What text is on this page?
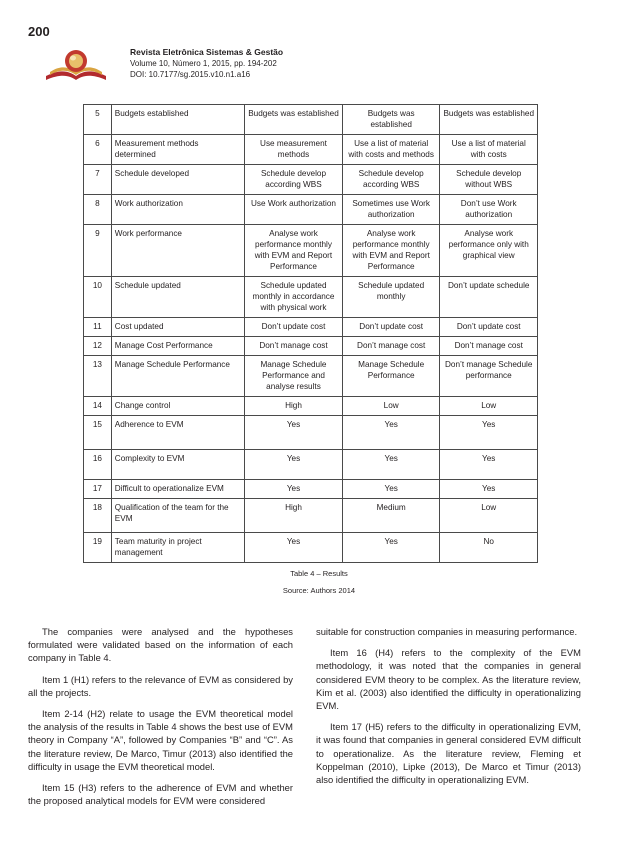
200
Revista Eletrônica Sistemas & Gestão
Volume 10, Número 1, 2015, pp. 194-202
DOI: 10.7177/sg.2015.v10.n1.a16
5	Budgets established	Budgets was established	Budgets was established	Budgets was established
6	Measurement methods determined	Use measurement methods	Use a list of material with costs and methods	Use a list of material with costs
7	Schedule developed	Schedule develop according WBS	Schedule develop according WBS	Schedule develop without WBS
8	Work authorization	Use Work authorization	Sometimes use Work authorization	Don’t use Work authorization
9	Work performance	Analyse work performance monthly with EVM and Report Performance	Analyse work performance monthly with EVM and Report Performance	Analyse work performance only with graphical view
10	Schedule updated	Schedule updated monthly in accordance with physical work	Schedule updated monthly	Don’t update schedule
11	Cost updated	Don’t update cost	Don’t update cost	Don’t update cost
12	Manage Cost Performance	Don’t manage cost	Don’t manage cost	Don’t manage cost
13	Manage Schedule Performance	Manage Schedule Performance and analyse results	Manage Schedule Performance	Don’t manage Schedule performance
14	Change control	High	Low	Low
15	Adherence to EVM	Yes	Yes	Yes
16	Complexity to EVM	Yes	Yes	Yes
17	Difficult to operationalize EVM	Yes	Yes	Yes
18	Qualification of the team for the EVM	High	Medium	Low
19	Team maturity in project management	Yes	Yes	No
Table 4 – Results
Source: Authors 2014

The companies were analysed and the hypotheses formulated were validated based on the information of each company in Table 4.

Item 1 (H1) refers to the relevance of EVM as considered by all the projects.

Item 2-14 (H2) relate to usage the EVM theoretical model the analysis of the results in Table 4 shows the best use of EVM theory in Company “A”, followed by Companies “B” and “C”. As the literature review, De Marco, Timur (2013) also identified the difficulty in usage the EVM theoretical model.

Item 15 (H3) refers to the adherence of EVM and whether the proposed analytical models for EVM were considered

suitable for construction companies in measuring performance.

Item 16 (H4) refers to the complexity of the EVM methodology, it was noted that the companies in general considered EVM theory to be complex. As the literature review, Kim et al. (2003) also identified the difficulty in operationalizing EVM.

Item 17 (H5) refers to the difficulty in operationalizing EVM, it was found that companies in general considered EVM difficult to operationalize. As the literature review, Fleming et Koppelman (2010), Lipke (2013), De Marco et Timur (2013) also identified the difficulty in operationalizing EVM.
